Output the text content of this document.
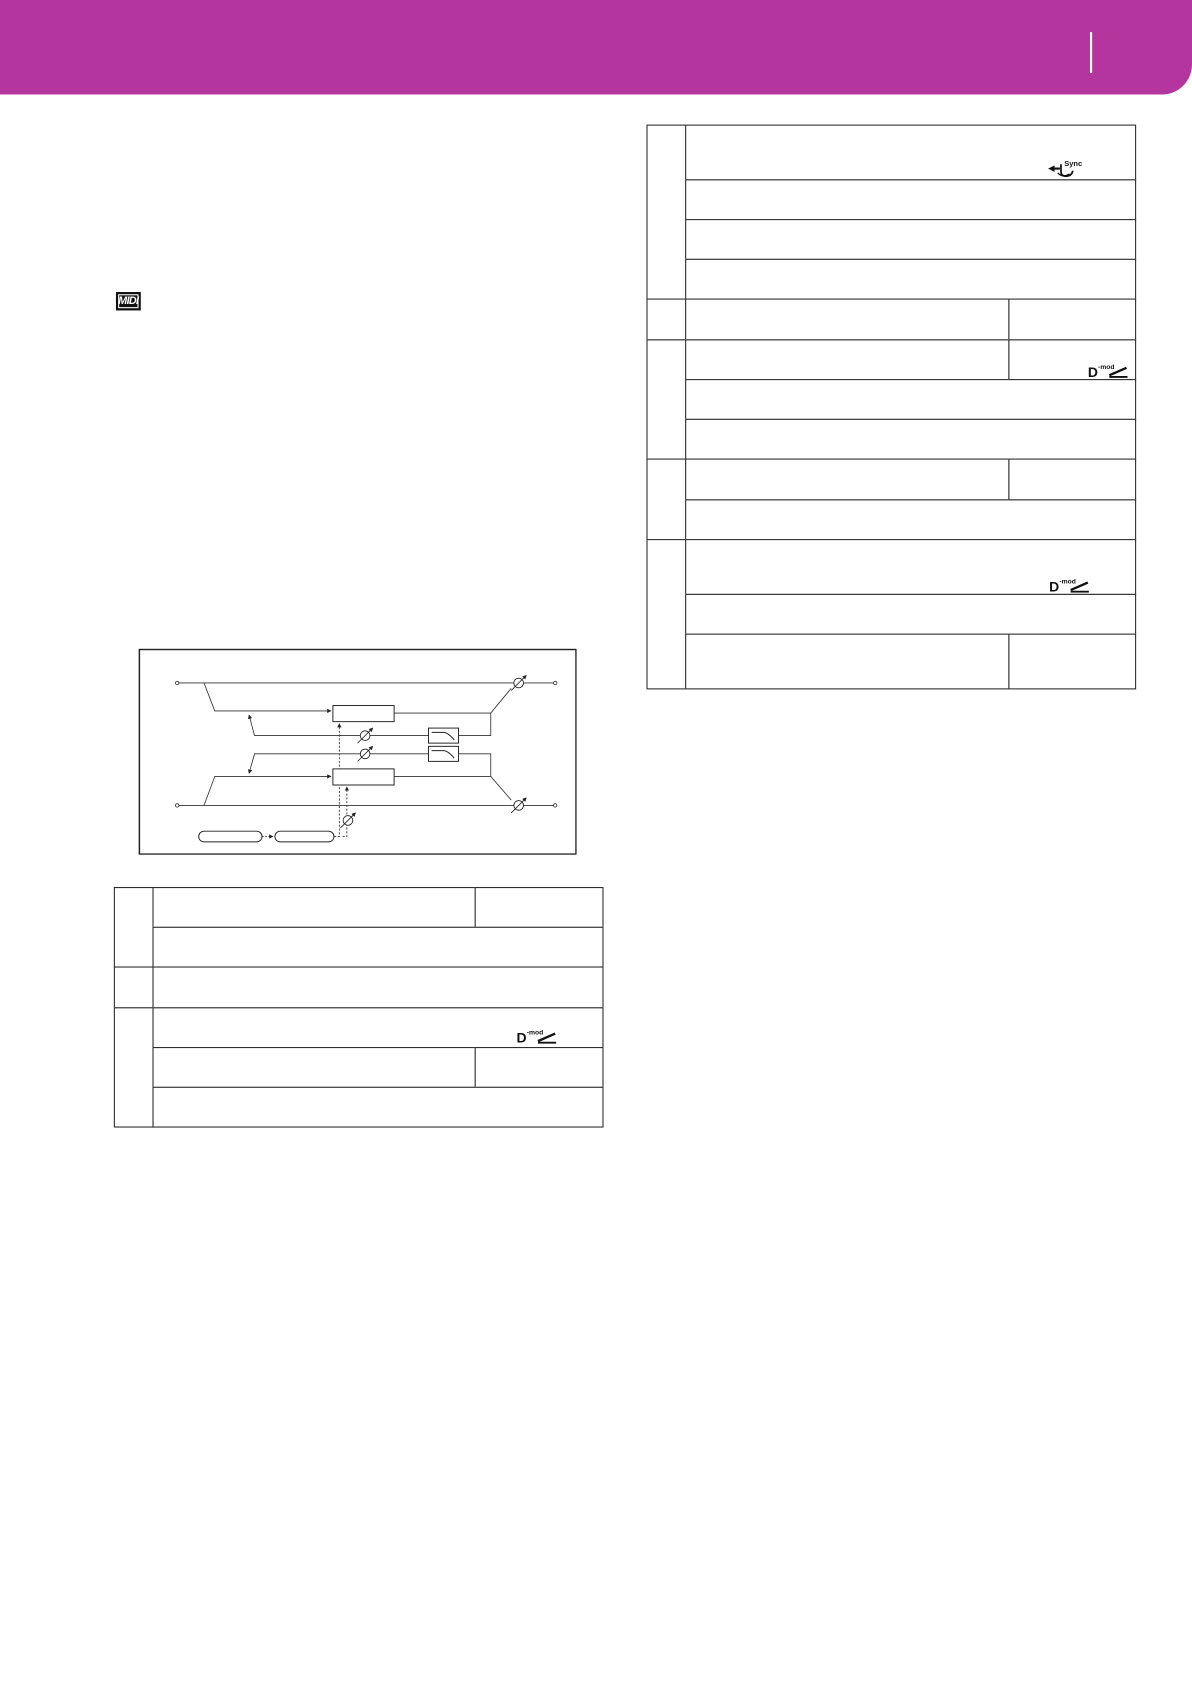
MIDI
D -mod
Sync
D -mod
D -mod
